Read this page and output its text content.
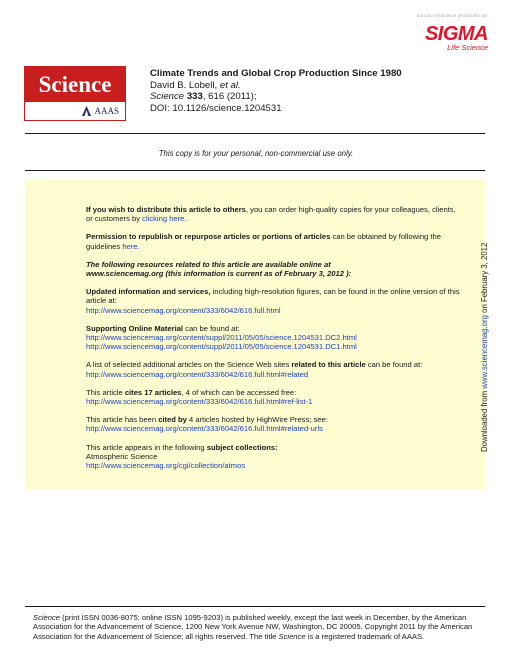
BIOLOGY RESEARCH SPONSORED BY
SIGMA
Life Science
Science
AAAS
Climate Trends and Global Crop Production Since 1980
David B. Lobell, et al.
Science 333, 616 (2011);
DOI: 10.1126/science.1204531
This copy is for your personal, non-commercial use only.

If you wish to distribute this article to others, you can order high-quality copies for your colleagues, clients, or customers by clicking here.

Permission to republish or repurpose articles or portions of articles can be obtained by following the guidelines here.

The following resources related to this article are available online at
www.sciencemag.org (this information is current as of February 3, 2012 ):

Updated information and services, including high-resolution figures, can be found in the online version of this article at:
http://www.sciencemag.org/content/333/6042/616.full.html

Supporting Online Material can be found at:
http://www.sciencemag.org/content/suppl/2011/05/05/science.1204531.DC2.html
http://www.sciencemag.org/content/suppl/2011/05/05/science.1204531.DC1.html

A list of selected additional articles on the Science Web sites related to this article can be found at:
http://www.sciencemag.org/content/333/6042/616.full.html#related

This article cites 17 articles, 4 of which can be accessed free:
http://www.sciencemag.org/content/333/6042/616.full.html#ref-list-1

This article has been cited by 4 articles hosted by HighWire Press; see:
http://www.sciencemag.org/content/333/6042/616.full.html#related-urls

This article appears in the following subject collections:
Atmospheric Science
http://www.sciencemag.org/cgi/collection/atmos

Downloaded from www.sciencemag.org on February 3, 2012
Science (print ISSN 0036-8075; online ISSN 1095-9203) is published weekly, except the last week in December, by the American Association for the Advancement of Science, 1200 New York Avenue NW, Washington, DC 20005. Copyright 2011 by the American Association for the Advancement of Science; all rights reserved. The title Science is a registered trademark of AAAS.
